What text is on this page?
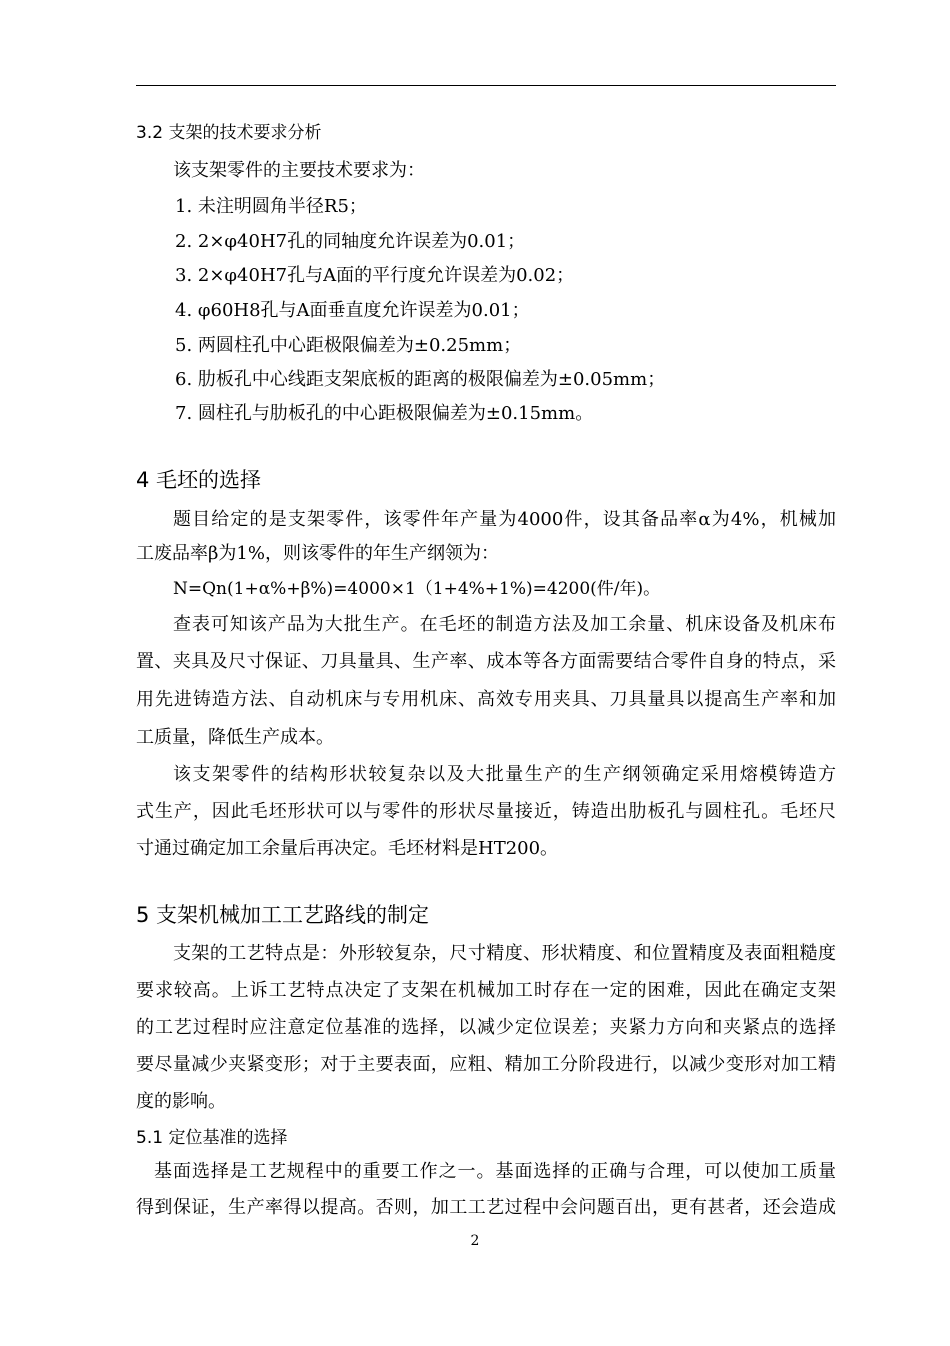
3.2 支架的技术要求分析
该支架零件的主要技术要求为：
1. 未注明圆角半径R5；
2. 2×φ40H7孔的同轴度允许误差为0.01；
3. 2×φ40H7孔与A面的平行度允许误差为0.02；
4. φ60H8孔与A面垂直度允许误差为0.01；
5. 两圆柱孔中心距极限偏差为±0.25mm；
6. 肋板孔中心线距支架底板的距离的极限偏差为±0.05mm；
7. 圆柱孔与肋板孔的中心距极限偏差为±0.15mm。
4 毛坯的选择
题目给定的是支架零件，该零件年产量为4000件，设其备品率α为4%，机械加
工废品率β为1%，则该零件的年生产纲领为：
N=Qn(1+α%+β%)=4000×1（1+4%+1%)=4200(件/年)。
查表可知该产品为大批生产。在毛坯的制造方法及加工余量、机床设备及机床布
置、夹具及尺寸保证、刀具量具、生产率、成本等各方面需要结合零件自身的特点，采
用先进铸造方法、自动机床与专用机床、高效专用夹具、刀具量具以提高生产率和加
工质量，降低生产成本。
该支架零件的结构形状较复杂以及大批量生产的生产纲领确定采用熔模铸造方
式生产，因此毛坯形状可以与零件的形状尽量接近，铸造出肋板孔与圆柱孔。毛坯尺
寸通过确定加工余量后再决定。毛坯材料是HT200。
5 支架机械加工工艺路线的制定
支架的工艺特点是：外形较复杂，尺寸精度、形状精度、和位置精度及表面粗糙度
要求较高。上诉工艺特点决定了支架在机械加工时存在一定的困难，因此在确定支架
的工艺过程时应注意定位基准的选择，以减少定位误差；夹紧力方向和夹紧点的选择
要尽量减少夹紧变形；对于主要表面，应粗、精加工分阶段进行，以减少变形对加工精
度的影响。
5.1 定位基准的选择
基面选择是工艺规程中的重要工作之一。基面选择的正确与合理，可以使加工质量
得到保证，生产率得以提高。否则，加工工艺过程中会问题百出，更有甚者，还会造成
2
